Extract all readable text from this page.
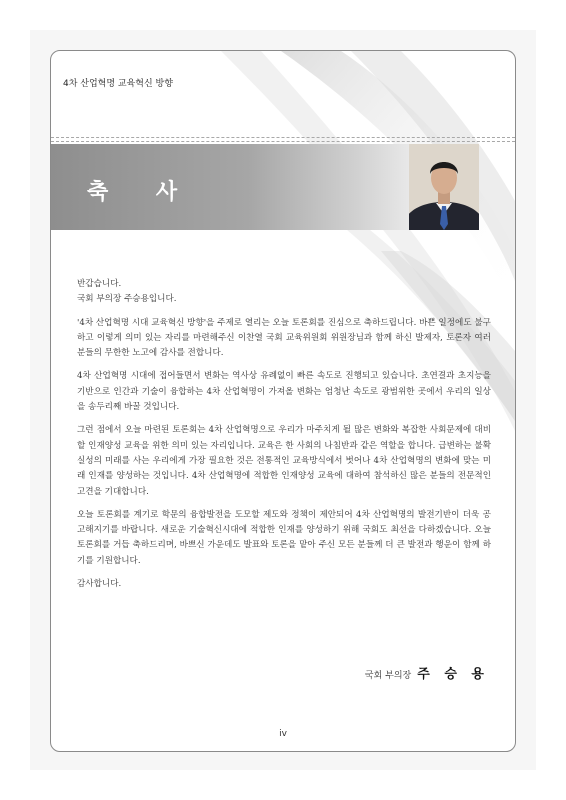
4차 산업혁명 교육혁신 방향
축 사

반갑습니다.

국회 부의장 주승용입니다.

'4차 산업혁명 시대 교육혁신 방향'을 주제로 열리는 오늘 토론회를 진심으로 축하드립니다. 바쁜 일정에도 불구하고 이렇게 의미 있는 자리를 마련해주신 이찬열 국회 교육위원회 위원장님과 함께 하신 발제자, 토론자 여러분들의 무한한 노고에 감사를 전합니다.

4차 산업혁명 시대에 접어들면서 변화는 역사상 유례없이 빠른 속도로 진행되고 있습니다. 초연결과 초지능을 기반으로 인간과 기술이 융합하는 4차 산업혁명이 가져올 변화는 엄청난 속도로 광범위한 곳에서 우리의 일상을 송두리째 바꿀 것입니다.

그런 점에서 오늘 마련된 토론회는 4차 산업혁명으로 우리가 마주치게 될 많은 변화와 복잡한 사회문제에 대비할 인재양성 교육을 위한 의미 있는 자리입니다. 교육은 한 사회의 나침반과 같은 역할을 합니다. 급변하는 불확실성의 미래를 사는 우리에게 가장 필요한 것은 전통적인 교육방식에서 벗어나 4차 산업혁명의 변화에 맞는 미래 인재를 양성하는 것입니다. 4차 산업혁명에 적합한 인재양성 교육에 대하여 참석하신 많은 분들의 전문적인 고견을 기대합니다.

오늘 토론회를 계기로 학문의 융합발전을 도모할 제도와 정책이 제안되어 4차 산업혁명의 발전기반이 더욱 공고해지기를 바랍니다. 새로운 기술혁신시대에 적합한 인재를 양성하기 위해 국회도 최선을 다하겠습니다. 오늘 토론회를 거듭 축하드리며, 바쁘신 가운데도 발표와 토론을 맡아 주신 모든 분들께 더 큰 발전과 행운이 함께 하기를 기원합니다.

감사합니다.

국회 부의장 주 승 용
iv
